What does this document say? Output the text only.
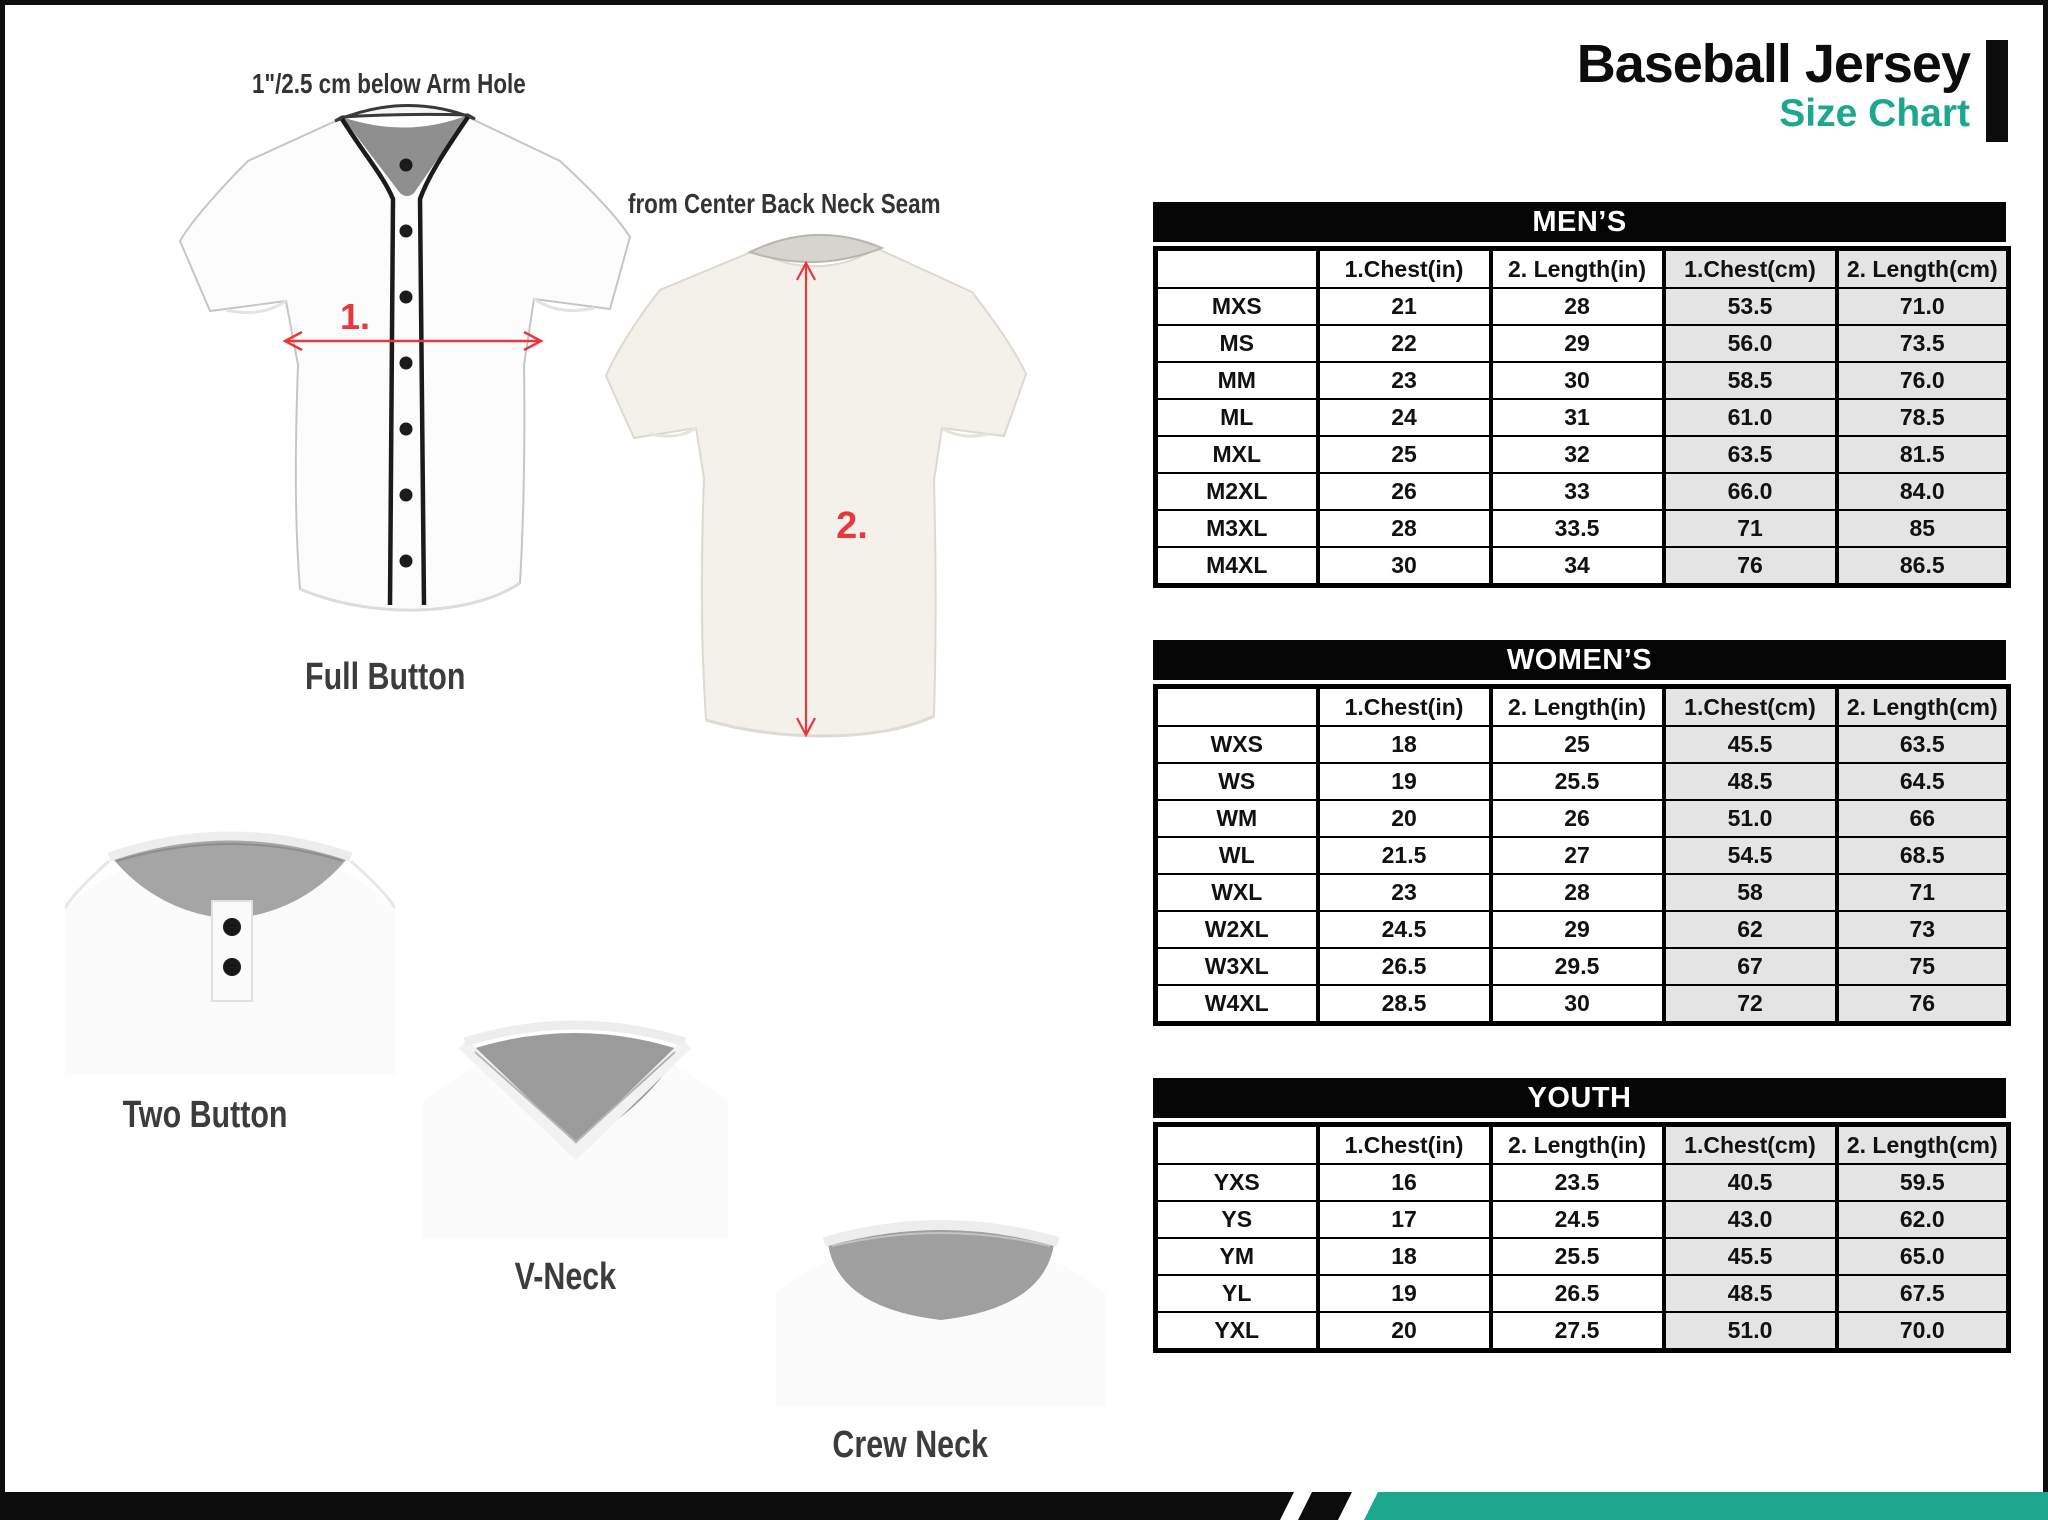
Baseball Jersey
Size Chart
1"/2.5 cm below Arm Hole
from Center Back Neck Seam
1.
2.
Full Button
Two Button
V-Neck
Crew Neck
MEN’S
	1.Chest(in)	2. Length(in)	1.Chest(cm)	2. Length(cm)
MXS	21	28	53.5	71.0
MS	22	29	56.0	73.5
MM	23	30	58.5	76.0
ML	24	31	61.0	78.5
MXL	25	32	63.5	81.5
M2XL	26	33	66.0	84.0
M3XL	28	33.5	71	85
M4XL	30	34	76	86.5
WOMEN’S
	1.Chest(in)	2. Length(in)	1.Chest(cm)	2. Length(cm)
WXS	18	25	45.5	63.5
WS	19	25.5	48.5	64.5
WM	20	26	51.0	66
WL	21.5	27	54.5	68.5
WXL	23	28	58	71
W2XL	24.5	29	62	73
W3XL	26.5	29.5	67	75
W4XL	28.5	30	72	76
YOUTH
	1.Chest(in)	2. Length(in)	1.Chest(cm)	2. Length(cm)
YXS	16	23.5	40.5	59.5
YS	17	24.5	43.0	62.0
YM	18	25.5	45.5	65.0
YL	19	26.5	48.5	67.5
YXL	20	27.5	51.0	70.0
